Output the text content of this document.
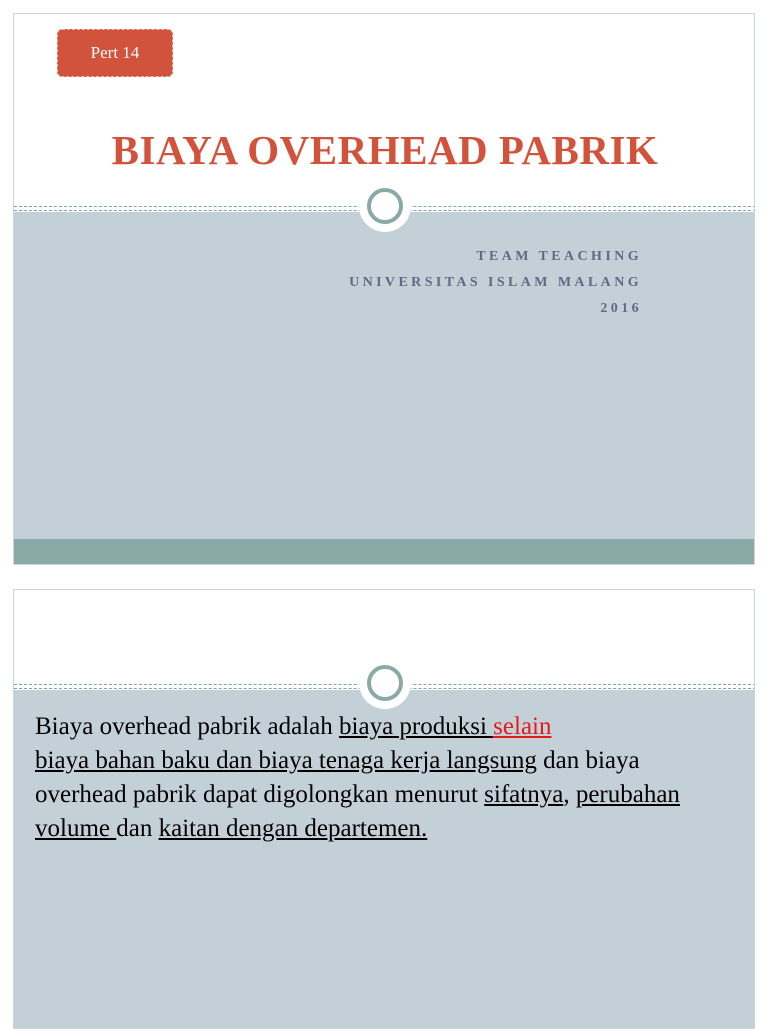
Pert 14
BIAYA OVERHEAD PABRIK
TEAM TEACHING
UNIVERSITAS ISLAM MALANG
2016
Biaya overhead pabrik adalah biaya produksi selain
biaya bahan baku dan biaya tenaga kerja langsung dan biaya overhead pabrik dapat digolongkan menurut sifatnya, perubahan volume dan kaitan dengan departemen.
